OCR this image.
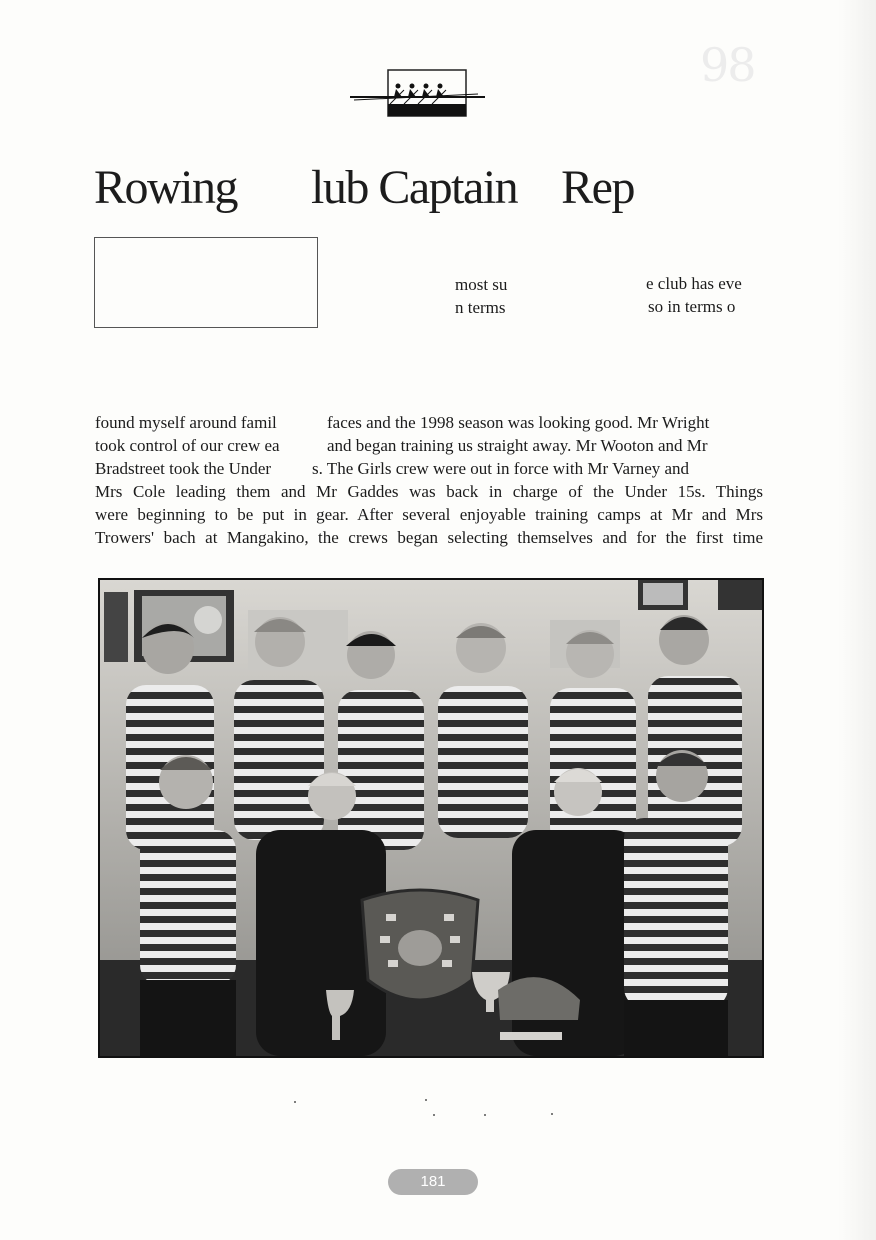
98
Rowing lub Captain Rep
most su	e club has eve
n terms	so in terms o
found myself around famil	faces and the 1998 season was looking good. Mr Wright
took control of our crew ea	and began training us straight away. Mr Wooton and Mr
Bradstreet took the Under s. The Girls crew were out in force with Mr Varney and
Mrs Cole leading them and Mr Gaddes was back in charge of the Under 15s. Things
were beginning to be put in gear. After several enjoyable training camps at Mr and Mrs
Trowers' bach at Mangakino, the crews began selecting themselves and for the first time
181
